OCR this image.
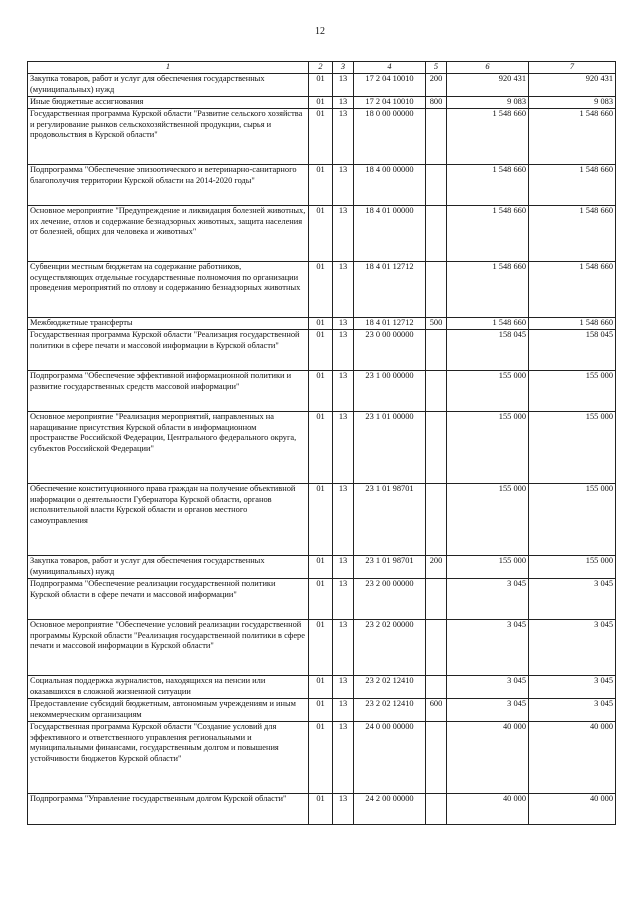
12
1	2	3	4	5	6	7
Закупка товаров, работ и услуг для обеспечения государственных (муниципальных) нужд	01	13	17 2 04 10010	200	920 431	920 431
Иные бюджетные ассигнования	01	13	17 2 04 10010	800	9 083	9 083
Государственная программа Курской области "Развитие сельского хозяйства и регулирование рынков сельскохозяйственной продукции, сырья и продовольствия в Курской области"	01	13	18 0 00 00000		1 548 660	1 548 660
Подпрограмма "Обеспечение эпизоотического и ветеринарно-санитарного благополучия территории Курской области на 2014-2020 годы"	01	13	18 4 00 00000		1 548 660	1 548 660
Основное мероприятие "Предупреждение и ликвидация болезней животных, их лечение, отлов и содержание безнадзорных животных, защита населения от болезней, общих для человека и животных"	01	13	18 4 01 00000		1 548 660	1 548 660
Субвенции местным бюджетам на содержание работников, осуществляющих отдельные государственные полномочия по организации проведения мероприятий по отлову и содержанию безнадзорных животных	01	13	18 4 01 12712		1 548 660	1 548 660
Межбюджетные трансферты	01	13	18 4 01 12712	500	1 548 660	1 548 660
Государственная программа Курской области "Реализация государственной политики в сфере печати и массовой информации в Курской области"	01	13	23 0 00 00000		158 045	158 045
Подпрограмма "Обеспечение эффективной информационной политики и развитие государственных средств массовой информации"	01	13	23 1 00 00000		155 000	155 000
Основное мероприятие "Реализация мероприятий, направленных на наращивание присутствия Курской области в информационном пространстве Российской Федерации, Центрального федерального округа, субъектов Российской Федерации"	01	13	23 1 01 00000		155 000	155 000
Обеспечение конституционного права граждан на получение объективной информации о деятельности Губернатора Курской области, органов исполнительной власти Курской области и органов местного самоуправления	01	13	23 1 01 98701		155 000	155 000
Закупка товаров, работ и услуг для обеспечения государственных (муниципальных) нужд	01	13	23 1 01 98701	200	155 000	155 000
Подпрограмма "Обеспечение реализации государственной политики Курской области в сфере печати и массовой информации"	01	13	23 2 00 00000		3 045	3 045
Основное мероприятие "Обеспечение условий реализации государственной программы Курской области "Реализация государственной политики в сфере печати и массовой информации в Курской области"	01	13	23 2 02 00000		3 045	3 045
Социальная поддержка журналистов, находящихся на пенсии или оказавшихся в сложной жизненной ситуации	01	13	23 2 02 12410		3 045	3 045
Предоставление субсидий бюджетным, автономным учреждениям и иным некоммерческим организациям	01	13	23 2 02 12410	600	3 045	3 045
Государственная программа Курской области "Создание условий для эффективного и ответственного управления региональными и муниципальными финансами, государственным долгом и повышения устойчивости бюджетов Курской области"	01	13	24 0 00 00000		40 000	40 000
Подпрограмма "Управление государственным долгом Курской области"	01	13	24 2 00 00000		40 000	40 000
